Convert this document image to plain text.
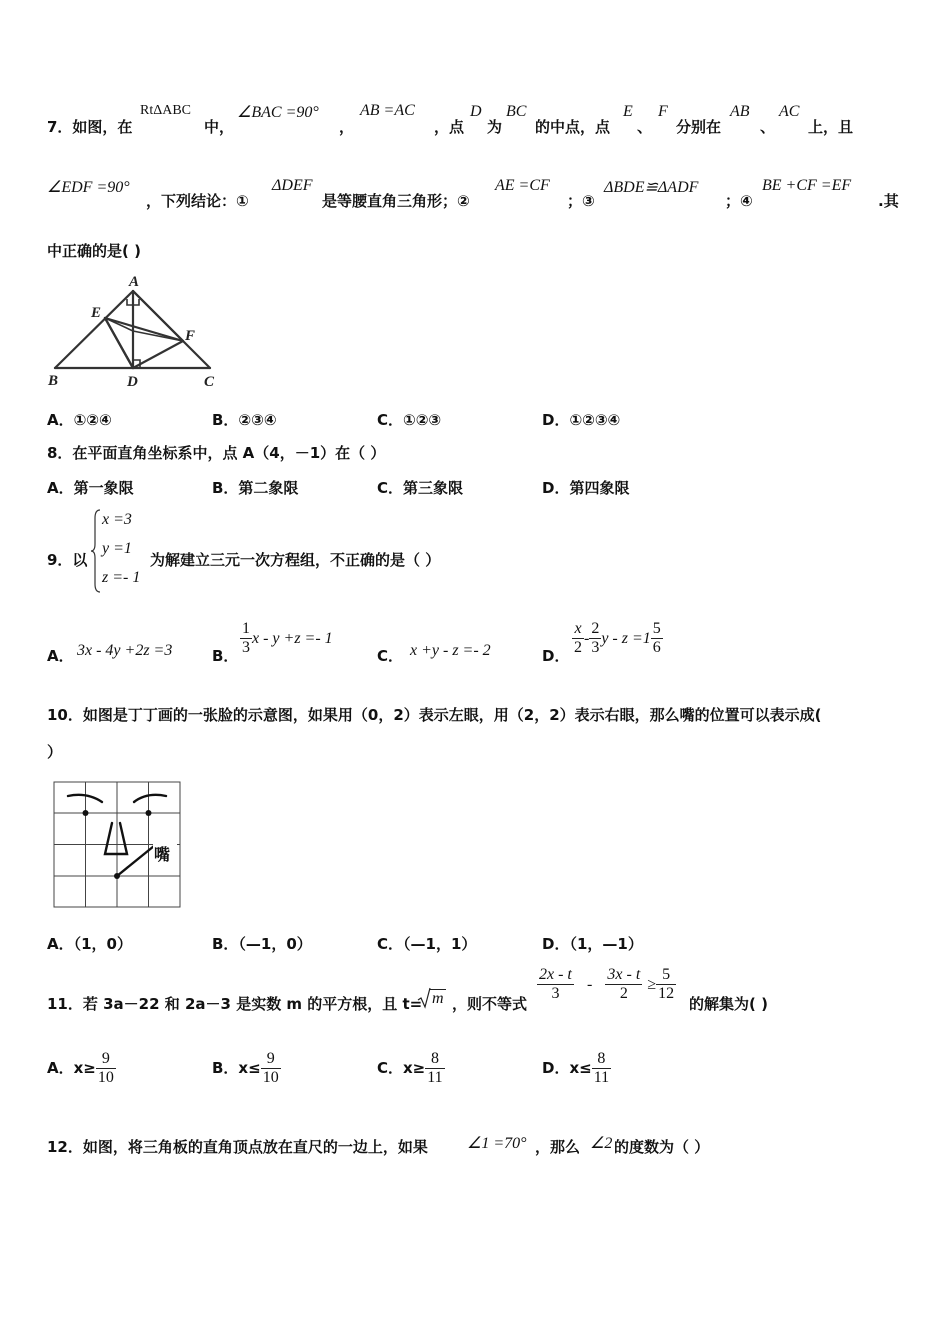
7．如图，在
RtΔABC
中，
∠BAC =90°
，
AB =AC
，点
D
为
BC
的中点，点
E
、
F
分别在
AB
、
AC
上，且
∠EDF =90°
，下列结论：①
ΔDEF
是等腰直角三角形；②
AE =CF
；③
ΔBDE≌ΔADF
；④
BE +CF =EF
.其
中正确的是( )
A
E
F
B	D	C
A．①②④	B．②③④	C．①②③	D．①②③④
8．在平面直角坐标系中，点 A（4，－1）在（ ）
A．第一象限	B．第二象限	C．第三象限	D．第四象限
9．以
x =3
y =1
z =- 1
为解建立三元一次方程组，不正确的是（ ）
A． 3x - 4y +2z =3	B． $\frac{1}{3}$ x - y +z =- 1
C． x +y - z =- 2	D． $\frac{x}{2} - \frac{2}{3}$ $y - z =1 \frac{5}{6}$
10．如图是丁丁画的一张脸的示意图，如果用（0，2）表示左眼，用（2，2）表示右眼，那么嘴的位置可以表示成(
）
嘴
A．（1，0）	B．（—1，0）	C．（—1，1）	D．（1，—1）
11．若 3a－22 和 2a－3 是实数 m 的平方根，且 t= m ，则不等式
$\frac{2x - t}{3} - \frac{3x - t}{2} \ge \frac{5}{12}$
的解集为( )
A．$x\ge \frac{9}{10}$	B．$x\le \frac{9}{10}$	C．$x\ge \frac{8}{11}$	D．$x\le \frac{8}{11}$
12．如图，将三角板的直角顶点放在直尺的一边上，如果 ∠1 =70° ，那么 ∠2 的度数为（ ）
